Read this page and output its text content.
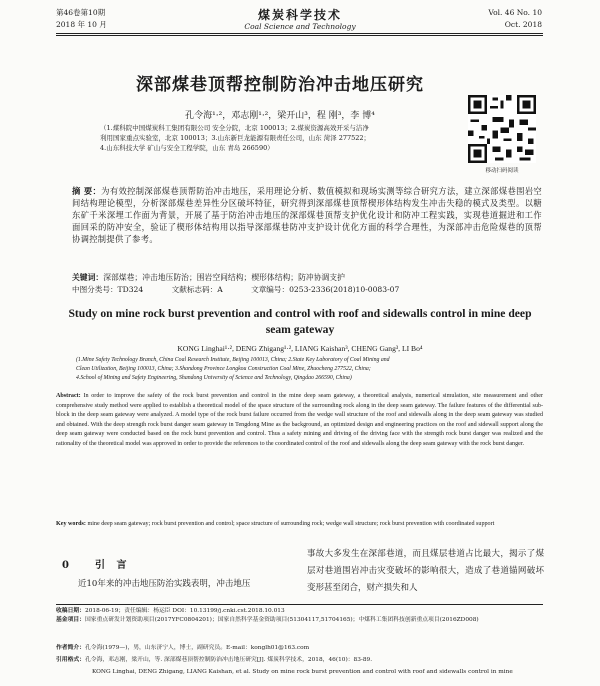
第46卷第10期
2018 年 10 月
煤炭科学技术
Coal Science and Technology
Vol. 46 No. 10
Oct. 2018
深部煤巷顶帮控制防治冲击地压研究
孔令海¹·²，邓志刚¹·²，梁开山³，程 刚³，李 博⁴
（1.煤科院中国煤炭科工集团有限公司 安全分院，北京 100013；2.煤炭资源高效开采与洁净
利用国家重点实验室，北京 100013；3.山东新巨龙能源有限责任公司，山东 菏泽 277522；
4.山东科技大学 矿山与安全工程学院，山东 青岛 266590）
移动扫码阅读
摘 要：为有效控制深部煤巷顶帮防治冲击地压，采用理论分析、数值模拟和现场实测等综合研究方法，建立深部煤巷围岩空间结构理论模型，分析深部煤巷差异性分区破坏特征，研究得到深部煤巷顶帮楔形体结构发生冲击失稳的模式及类型。以糖东矿千米深埋工作面为背景，开展了基于防治冲击地压的深部煤巷顶帮支护优化设计和防冲工程实践，实现巷道掘进和工作面回采的防冲安全，验证了楔形体结构用以指导深部煤巷防冲支护设计优化方面的科学合理性，为深部冲击危险煤巷的顶帮协调控制提供了参考。
关键词：深部煤巷；冲击地压防治；围岩空间结构；楔形体结构；防冲协调支护
中图分类号：TD324	文献标志码：A	文章编号：0253-2336(2018)10-0083-07
Study on mine rock burst prevention and control with roof and sidewalls control in mine deep seam gateway
KONG Linghai¹·², DENG Zhigang¹·², LIANG Kaishan³, CHENG Gang³, LI Bo⁴
(1.Mine Safety Technology Branch, China Coal Research Institute, Beijing 100013, China; 2.State Key Laboratory of Coal Mining and
Clean Utilization, Beijing 100013, China; 3.Shandong Province Longkou Construction Coal Mine, Zhuocheng 277522, China;
4.School of Mining and Safety Engineering, Shandong University of Science and Technology, Qingdao 266590, China)
Abstract: In order to improve the safety of the rock burst prevention and control in the mine deep seam gateway, a theoretical analysis, numerical simulation, site measurement and other comprehensive study method were applied to establish a theoretical model of the space structure of the surrounding rock along in the deep seam gateway. The failure features of the differential sub-block in the deep seam gateway were analyzed. A model type of the rock burst failure occurred from the wedge wall structure of the roof and sidewalls along in the deep seam gateway was studied and obtained. With the deep strength rock burst danger seam gateway in Tengdong Mine as the background, an optimized design and engineering practices on the roof and sidewall support along the deep seam gateway were conducted based on the rock burst prevention and control. Thus a safety mining and driving of the driving face with the strength rock burst danger was realized and the rationality of the theoretical model was approved in order to provide the references to the coordinated control of the roof and sidewalls along the deep seam gateway with the rock burst danger.
Key words: mine deep seam gateway; rock burst prevention and control; space structure of surrounding rock; wedge wall structure; rock burst prevention with coordinated support
0 引 言
近10年来的冲击地压防治实践表明，冲击地压
事故大多发生在深部巷道，而且煤层巷道占比最大，揭示了煤层对巷道围岩冲击灾变破坏的影响很大，造成了巷道锚网破坏变形甚至闭合，财产损失和人
收稿日期：2018-06-19；责任编辑：杨运臣 DOI：10.13199/j.cnki.cst.2018.10.013
基金项目：国家重点研发计划资助项目(2017YFC0804201)；国家自然科学基金资助项目(51304117,51704165)；中煤科工集团科技创新重点项目(2016ZD008)
作者简介：孔令海(1979—)，男，山东济宁人，博士，副研究员。E-mail：konglh01@163.com
引用格式：孔令海，邓志刚，梁开山，等. 深部煤巷顶帮控制防治冲击地压研究[J]. 煤炭科学技术，2018，46(10)：83-89.
KONG Linghai, DENG Zhigang, LIANG Kaishan, et al. Study on mine rock burst prevention and control with roof and sidewalls control in mine
